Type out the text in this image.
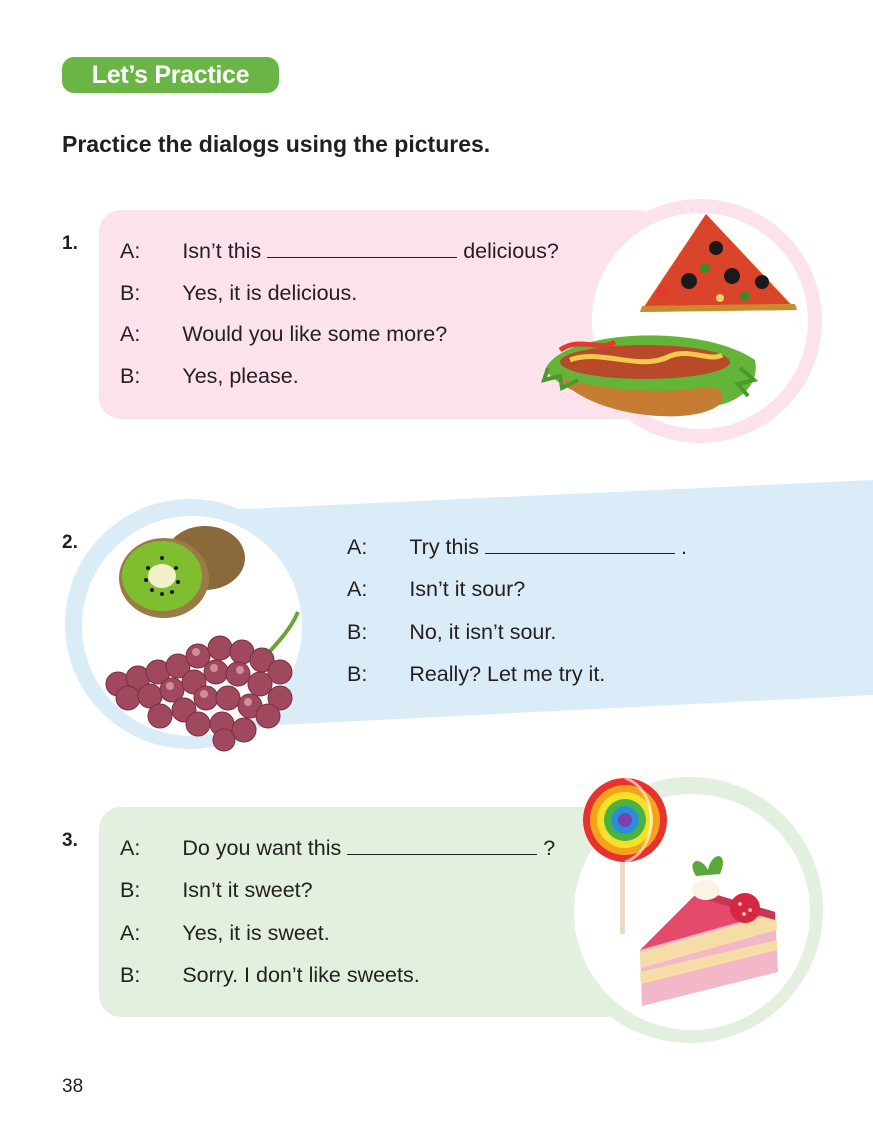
Let’s Practice
Practice the dialogs using the pictures.
1. A: Isn’t this	delicious?
B: Yes, it is delicious.
A: Would you like some more?
B: Yes, please.
2.	A: Try this	.
A: Isn’t it sour?
B: No, it isn’t sour.
B: Really? Let me try it.
3. A: Do you want this	?
B: Isn’t it sweet?
A: Yes, it is sweet.
B: Sorry. I don’t like sweets.
38
